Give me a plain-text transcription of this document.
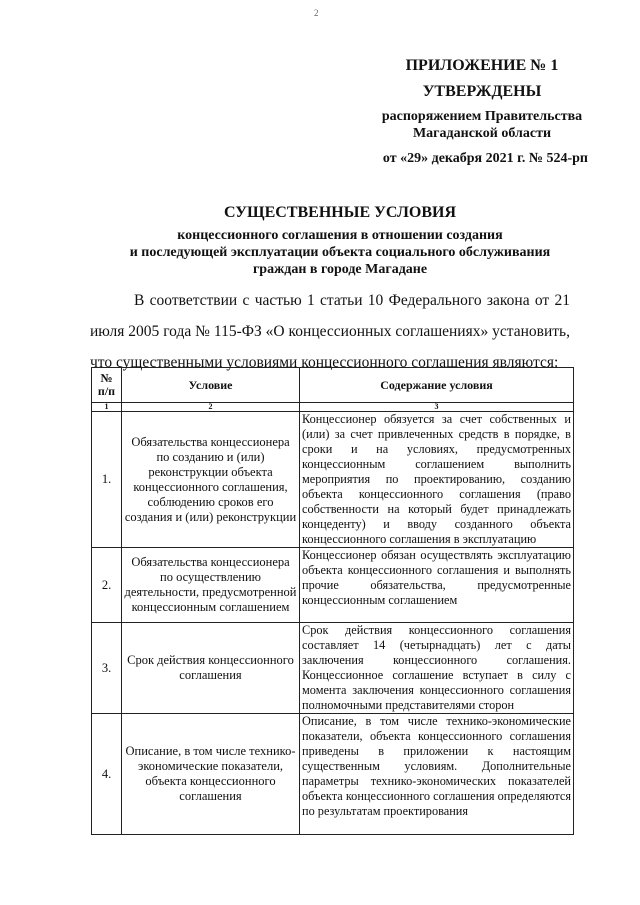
2
ПРИЛОЖЕНИЕ № 1
УТВЕРЖДЕНЫ
распоряжением Правительства
Магаданской области
от «29» декабря 2021 г. № 524-рп
СУЩЕСТВЕННЫЕ УСЛОВИЯ
концессионного соглашения в отношении создания
и последующей эксплуатации объекта социального обслуживания
граждан в городе Магадане
В соответствии с частью 1 статьи 10 Федерального закона от 21 июля 2005 года № 115-ФЗ «О концессионных соглашениях» установить, что существенными условиями концессионного соглашения являются:
№ п/п	Условие	Содержание условия
1	2	3
1.	Обязательства концессионера по созданию и (или) реконструкции объекта концессионного соглашения, соблюдению сроков его создания и (или) реконструкции	Концессионер обязуется за счет собственных и (или) за счет привлеченных средств в порядке, в сроки и на условиях, предусмотренных концессионным соглашением выполнить мероприятия по проектированию, созданию объекта концессионного соглашения (право собственности на который будет принадлежать концеденту) и вводу созданного объекта концессионного соглашения в эксплуатацию
2.	Обязательства концессионера по осуществлению деятельности, предусмотренной концессионным соглашением	Концессионер обязан осуществлять эксплуатацию объекта концессионного соглашения и выполнять прочие обязательства, предусмотренные концессионным соглашением
3.	Срок действия концессионного соглашения	Срок действия концессионного соглашения составляет 14 (четырнадцать) лет с даты заключения концессионного соглашения. Концессионное соглашение вступает в силу с момента заключения концессионного соглашения полномочными представителями сторон
4.	Описание, в том числе технико-экономические показатели, объекта концессионного соглашения	Описание, в том числе технико-экономические показатели, объекта концессионного соглашения приведены в приложении к настоящим существенным условиям. Дополнительные параметры технико-экономических показателей объекта концессионного соглашения определяются по результатам проектирования
